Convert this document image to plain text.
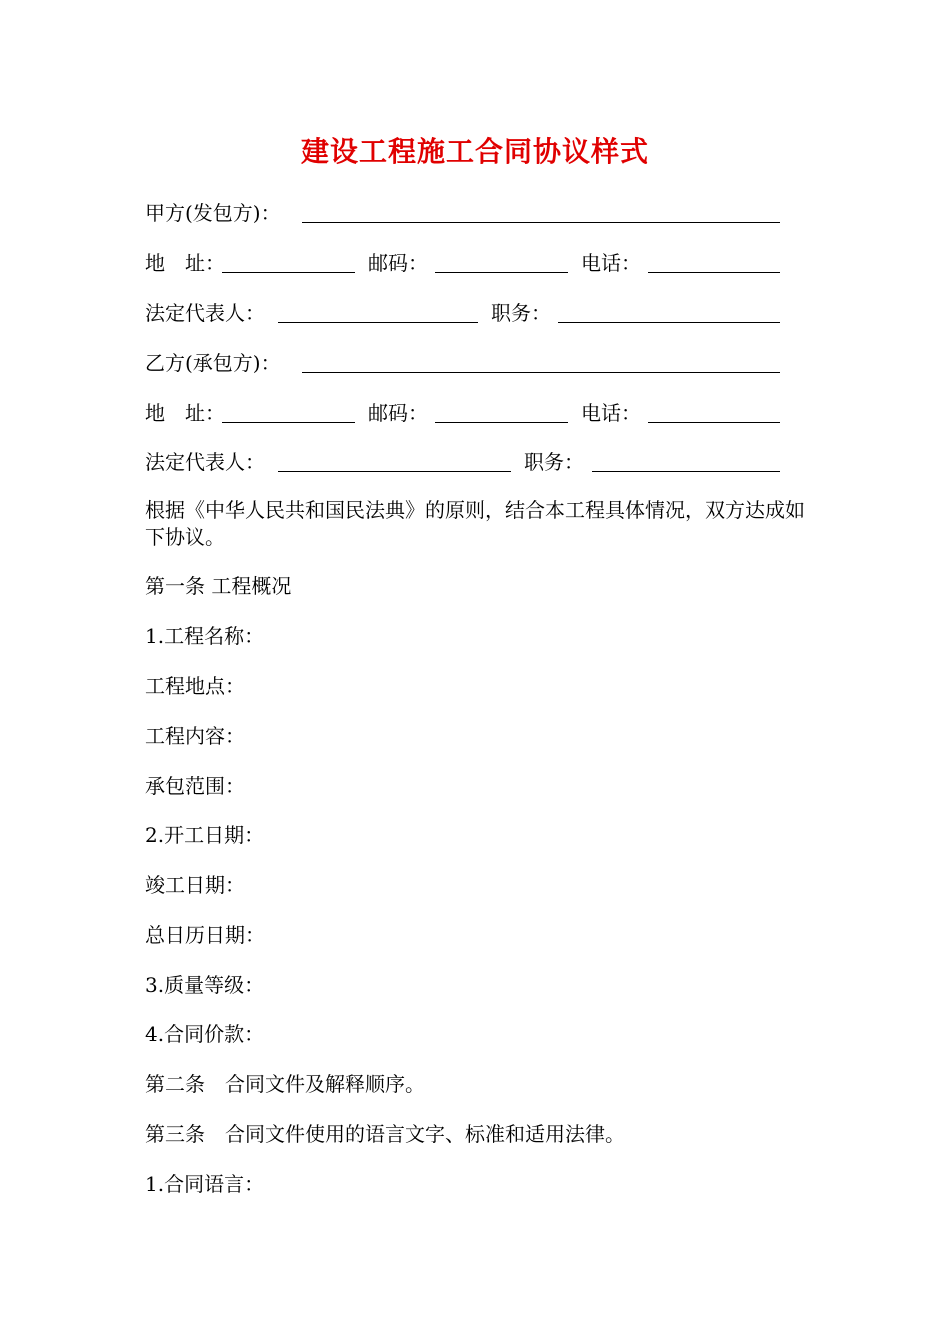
建设工程施工合同协议样式
甲方(发包方)：
地　址：	邮码：	电话：
法定代表人：	职务：
乙方(承包方)：
地　址：	邮码：	电话：
法定代表人：	职务：
根据《中华人民共和国民法典》的原则，结合本工程具体情况，双方达成如下协议。
第一条 工程概况
1.工程名称：
工程地点：
工程内容：
承包范围：
2.开工日期：
竣工日期：
总日历日期：
3.质量等级：
4.合同价款：
第二条　合同文件及解释顺序。
第三条　合同文件使用的语言文字、标准和适用法律。
1.合同语言：
